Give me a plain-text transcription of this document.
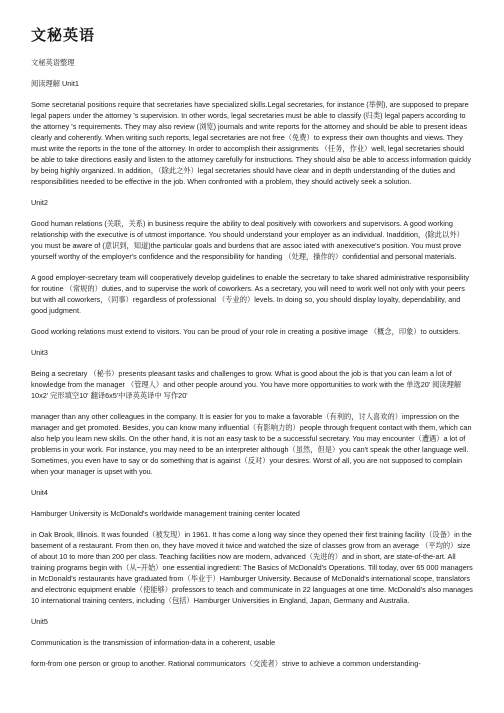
文秘英语
文秘英语整理
阅读理解 Unit1
Some secretarial positions require that secretaries have specialized skills.Legal secretaries, for instance (举例), are supposed to prepare legal papers under the attorney 's supervision. In other words, legal secretaries must be able to classify (归类) legal papers according to the attorney 's requirements. They may also review (浏览) journals and write reports for the attorney and should be able to present ideas clearly and coherently. When writing such reports, legal secretaries are not free（免费）to express their own thoughts and views. They must write the reports in the tone of the attorney. In order to accomplish their assignments （任务，作业）well, legal secretaries should be able to take directions easily and listen to the attorney carefully for instructions. They should also be able to access information quickly by being highly organized. In addition，（除此之外）legal secretaries should have clear and in depth understanding of the duties and responsibilities needed to be effective in the job. When confronted with a problem, they should actively seek a solution.
Unit2
Good human relations (关联，关系) in business require the ability to deal positively with coworkers and supervisors. A good working relationship with the executive is of utmost importance. You should understand your employer as an individual. Inaddition，(除此以外）you must be aware of (意识到，知道)the particular goals and burdens that are assoc iated with anexecutive's position. You must prove yourself worthy of the employer's confidence and the responsibility for handing （处理，操作的）confidential and personal materials.
A good employer-secretary team will cooperatively develop guidelines to enable the secretary to take shared administrative responsibility for routine （常规的）duties, and to supervise the work of coworkers. As a secretary, you will need to work well not only with your peers but with all coworkers，（同事）regardless of professional （专业的）levels. In doing so, you should display loyalty, dependability, and good judgment.
Good working relations must extend to visitors. You can be proud of your role in creating a positive image （概念，印象）to outsiders.
Unit3
Being a secretary （秘书）presents pleasant tasks and challenges to grow. What is good about the job is that you can learn a lot of knowledge from the manager （管理人）and other people around you. You have more opportunities to work with the 单选20' 阅读理解10x2' 完形填空10' 翻译6x5'中译英英译中 写作20'
manager than any other colleagues in the company. It is easier for you to make a favorable（有利的，讨人喜欢的）impression on the manager and get promoted. Besides, you can know many influential（有影响力的）people through frequent contact with them, which can also help you learn new skills. On the other hand, it is not an easy task to be a successful secretary. You may encounter（遭遇）a lot of problems in your work. For instance, you may need to be an interpreter although（虽然，但是）you can't speak the other language well. Sometimes, you even have to say or do something that is against（反对）your desires. Worst of all, you are not supposed to complain when your manager is upset with you.
Unit4
Hamburger University is McDonald's worldwide management training center located
in Oak Brook, Illinois. It was founded（被发现）in 1961. It has come a long way since they opened their first training facility（设备）in the basement of a restaurant. From then on, they have moved it twice and watched the size of classes grow from an average （平均的）size of about 10 to more than 200 per class. Teaching facilities now are modern, advanced（先进的）and in short, are state-of-the-art. All training programs begin with（从~开始）one essential ingredient: The Basics of McDonald's Operations. Till today, over 65 000 managers in McDonald's restaurants have graduated from（毕业于）Hamburger University. Because of McDonald's international scope, translators and electronic equipment enable（使能够）professors to teach and communicate in 22 languages at one time. McDonald's also manages 10 international training centers, including（包括）Hamburger Universities in England, Japan, Germany and Australia.
Unit5
Communication is the transmission of information-data in a coherent, usable
form-from one person or group to another. Rational communicators（交流者）strive to achieve a common understanding-
